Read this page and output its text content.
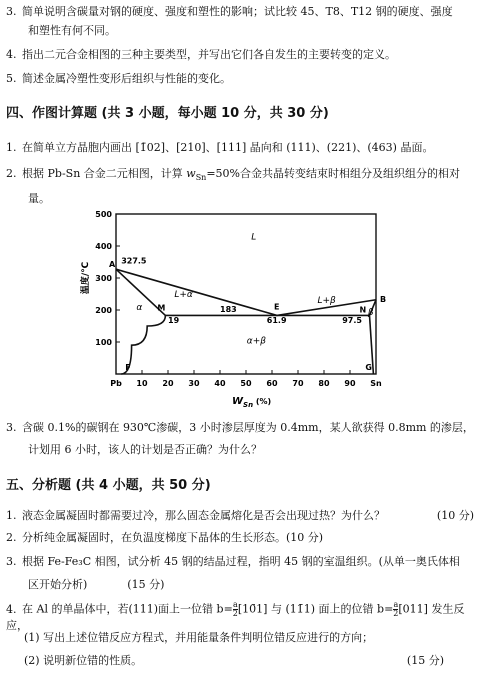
3. 简单说明含碳量对钢的硬度、强度和塑性的影响；试比较 45、T8、T12 钢的硬度、强度
和塑性有何不同。
4. 指出二元合金相图的三种主要类型，并写出它们各自发生的主要转变的定义。
5. 简述金属冷塑性变形后组织与性能的变化。
四、作图计算题 (共 3 小题，每小题 10 分，共 30 分)
1. 在简单立方晶胞内画出 [1̄02]、[210]、[111] 晶向和 (111)、(221)、(463) 晶面。
2. 根据 Pb-Sn 合金二元相图，计算 $w_{Sn}=50\%$合金共晶转变结束时相组分及组织组分的相对
量。
Pb 10 20 30 40 50 60 70 80 90 Sn
100
200
300
400
500
$W_{Sn}$ (%)
温度/℃ A
M	E	N
B
F	G
327.5
183
19	61.9	97.5
L
L+α
L+β
α
α+β
β
3. 含碳 0.1%的碳钢在 930℃渗碳，3 小时渗层厚度为 0.4mm，某人欲获得 0.8mm 的渗层，
计划用 6 小时，该人的计划是否正确？为什么？
五、分析题 (共 4 小题，共 50 分)
1. 液态金属凝固时都需要过冷，那么固态金属熔化是否会出现过热？为什么？	(10 分)
2. 分析纯金属凝固时，在负温度梯度下晶体的生长形态。(10 分)
3. 根据 Fe-Fe₃C 相图，试分析 45 钢的结晶过程，指明 45 钢的室温组织。(从单一奥氏体相
区开始分析)	(15 分)
4. 在 Al 的单晶体中，若(111)面上一位错 $b= \frac{a}{2}$ [10̄1] 与 (11̄1) 面上的位错 $b= \frac{a}{2} [011]$ 发生反应，
(1) 写出上述位错反应方程式，并用能量条件判明位错反应进行的方向；
(2) 说明新位错的性质。	(15 分)
